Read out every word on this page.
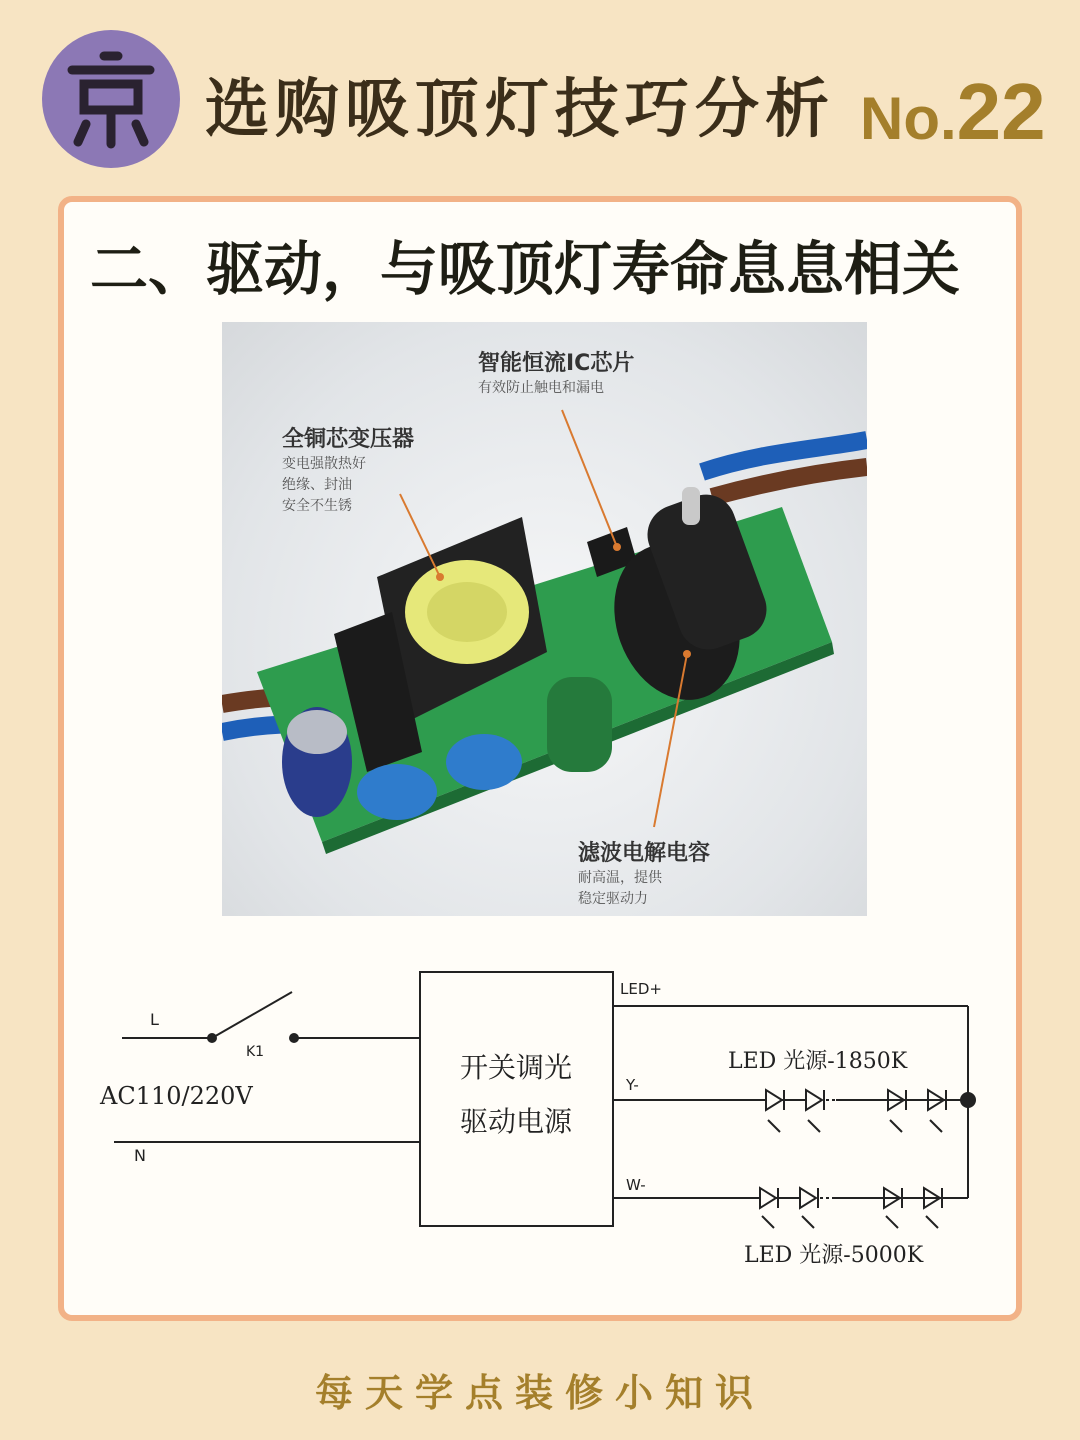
选购吸顶灯技巧分析 No.22
二、驱动，与吸顶灯寿命息息相关
智能恒流IC芯片
有效防止触电和漏电
全铜芯变压器
变电强散热好
绝缘、封油
安全不生锈
滤波电解电容
耐高温，提供
稳定驱动力
L
K1
AC110/220V
N
开关调光
驱动电源
LED+
Y-
W-
LED 光源-1850K
LED 光源-5000K
每天学点装修小知识
